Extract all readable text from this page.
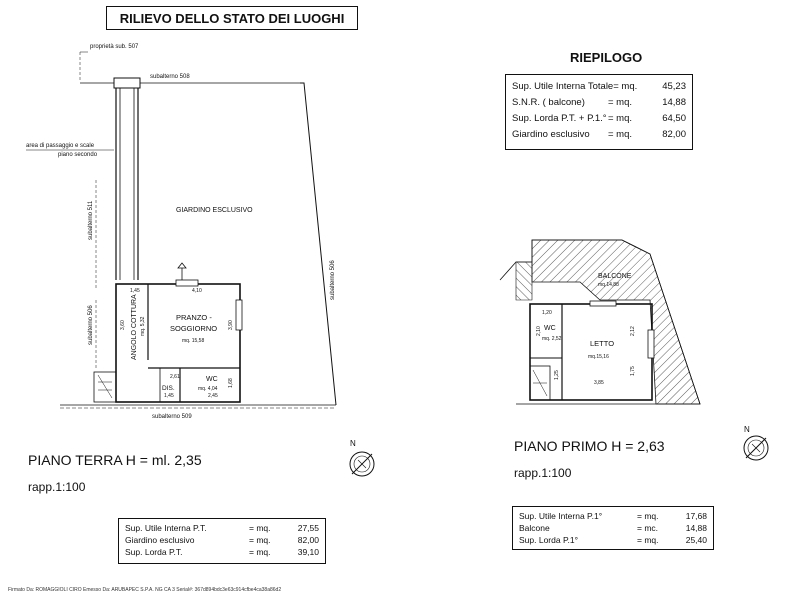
RILIEVO DELLO STATO DEI LUOGHI
RIEPILOGO
Sup. Utile Interna Totale = mq.	45,23
S.N.R. ( balcone)	= mq.	14,88
Sup. Lorda P.T. + P.1.° = mq.	64,50
Giardino esclusivo	= mq.	82,00
proprietà sub. 507
subalterno 508
area di passaggio e scale
piano secondo
subalterno 511	GIARDINO ESCLUSIVO
subalterno 506
subalterno 506	ANGOLO COTTURA mq. 5,32	PRANZO -
SOGGIORNO
mq. 15,58
WC
mq. 4,04
DIS.
subalterno 509
1,45	4,10
3,60	3,90
2,61
1,45	2,45
1,68
BALCONE
mq.14,88
WC
mq. 2,52	LETTO
mq.15,16
1,20
2,10	2,12
3,85
1,75
1,25
N
N
PIANO TERRA H = ml. 2,35
rapp.1:100
PIANO PRIMO H = 2,63
rapp.1:100
Sup. Utile Interna P.T.	= mq.	27,55
Giardino esclusivo	= mq.	82,00
Sup. Lorda P.T.	= mq.	39,10
Sup. Utile Interna P.1°	= mq.	17,68
Balcone	= mc.	14,88
Sup. Lorda P.1°	= mq.	25,40
Firmato Da: ROMAGGIOLI CIRO Emesso Da: ARUBAPEC S.P.A. NG CA 3 Serial#: 367d894bdc3e63c914cfbe4ca38a86d2
